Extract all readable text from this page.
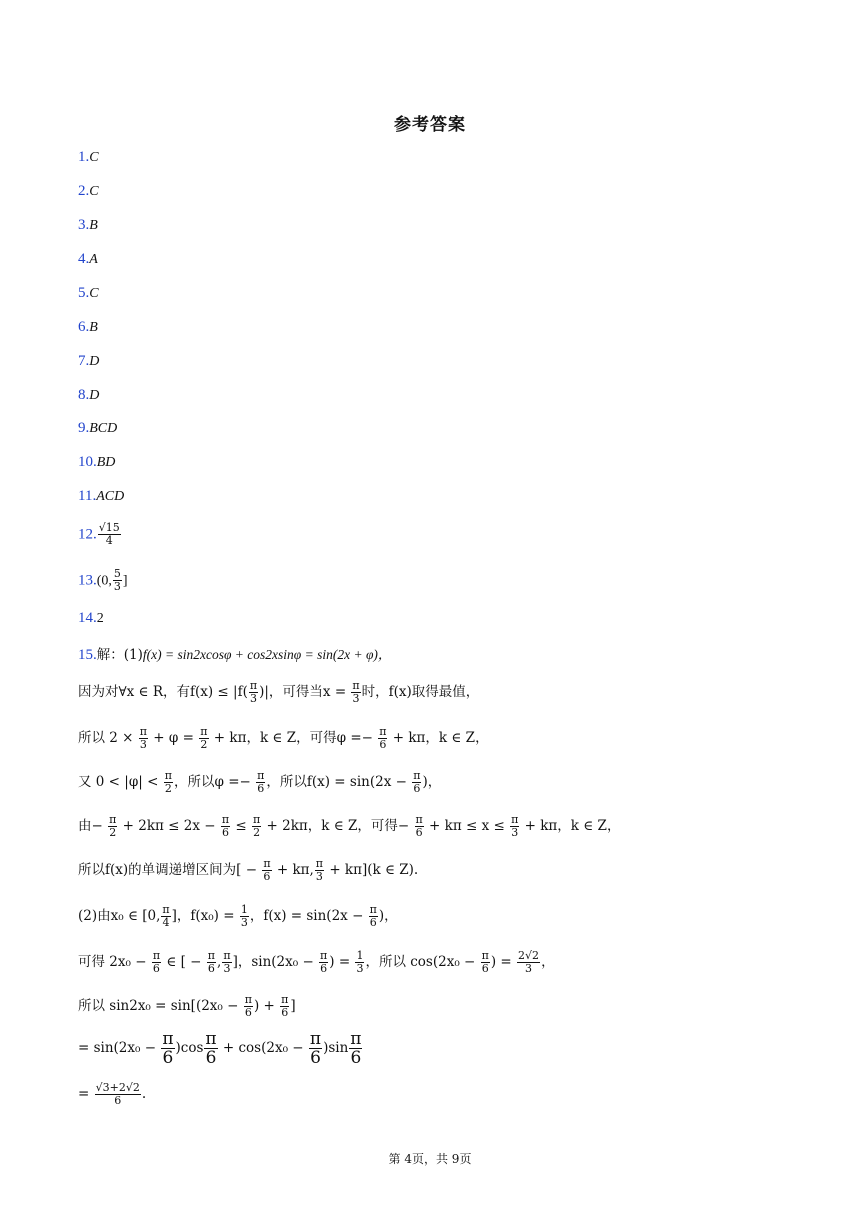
参考答案
1.C
2.C
3.B
4.A
5.C
6.B
7.D
8.D
9.BCD
10.BD
11.ACD
12. $\frac{√15}{4}$
13.(0, $\frac{5}{3}$ ]
14.2
15.解：(1)f(x) = sin2xcosφ + cos2xsinφ = sin(2x + φ)，
因为对∀x ∈ R，有$f(x) \le |f( \frac{\pi}{3}$ )|，可得当$x = \frac{\pi}{3}$ 时，f(x)取得最值，
所以 $2 \times \frac{\pi}{3} + \varphi = \frac{\pi}{2} + k\pi$，k ∈ Z，可得$\varphi =- \frac{\pi}{6} + k\pi$，k ∈ Z，
又 $0 < |\varphi| < \frac{\pi}{2}$ ，所以$\varphi =- \frac{\pi}{6}$ ，所以$f(x) = \sin(2x - \frac{\pi}{6}$ )，
由− $\frac{\pi}{2} + 2k\pi \le 2x - \frac{\pi}{6} \le \frac{\pi}{2} + 2k\pi$，k ∈ Z，可得− $\frac{\pi}{6} + k\pi \le x \le \frac{\pi}{3} + k\pi$，k ∈ Z，
所以f(x)的单调递增区间为[ − $\frac{\pi}{6} + k\pi$, $\frac{\pi}{3} + k\pi](k$ ∈ Z).
(2)由x₀ ∈ [0, $\frac{\pi}{4}$ ]，$f(x_0) = \frac{1}{3}$ ，$f(x) = \sin(2x - \frac{\pi}{6}$ )，
可得 $2x_0 - \frac{\pi}{6}$ ∈ [ − $\frac{\pi}{6}$ , $\frac{\pi}{3}$ ]，$\sin(2x_0 - \frac{\pi}{6}$ ) = $\frac{1}{3}$ ，所以 $\cos(2x_0 - \frac{\pi}{6}$ ) = $\frac{2√2}{3}$ ，
所以 $\sin 2x_0 = \sin[(2x_0 - \frac{\pi}{6}$ ) + $\frac{\pi}{6}$ ]
= $\sin(2x_0 - \frac{\pi}{6} )\cos \frac{\pi}{6} + \cos(2x_0 - \frac{\pi}{6} )\sin \frac{\pi}{6}$
= $\frac{√3+2√2}{6}$ .
第 4页，共 9页
